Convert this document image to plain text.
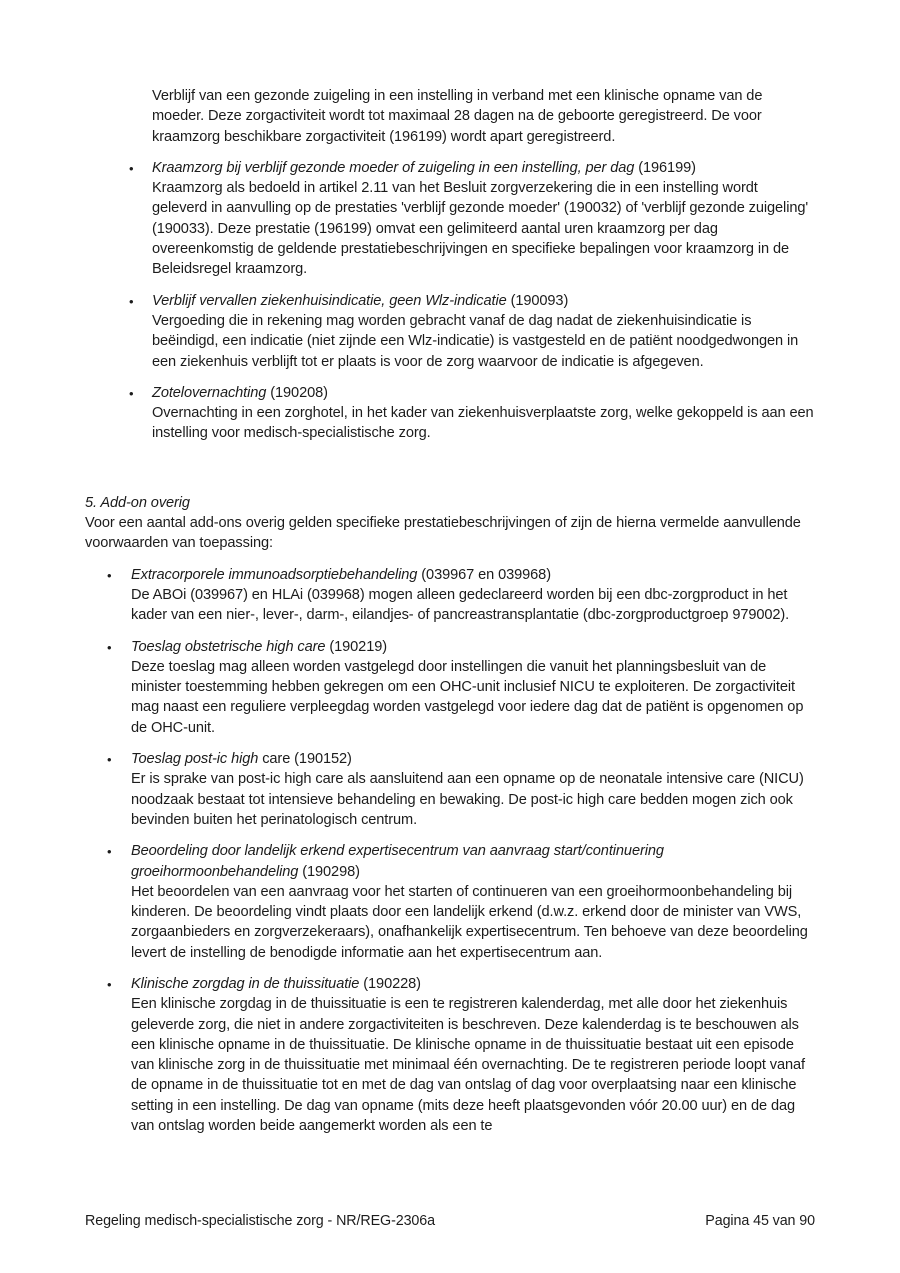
Verblijf van een gezonde zuigeling in een instelling in verband met een klinische opname van de moeder. Deze zorgactiviteit wordt tot maximaal 28 dagen na de geboorte geregistreerd. De voor kraamzorg beschikbare zorgactiviteit (196199) wordt apart geregistreerd.

• Kraamzorg bij verblijf gezonde moeder of zuigeling in een instelling, per dag (196199)
Kraamzorg als bedoeld in artikel 2.11 van het Besluit zorgverzekering die in een instelling wordt geleverd in aanvulling op de prestaties 'verblijf gezonde moeder' (190032) of 'verblijf gezonde zuigeling' (190033). Deze prestatie (196199) omvat een gelimiteerd aantal uren kraamzorg per dag overeenkomstig de geldende prestatiebeschrijvingen en specifieke bepalingen voor kraamzorg in de Beleidsregel kraamzorg.
• Verblijf vervallen ziekenhuisindicatie, geen Wlz-indicatie (190093)
Vergoeding die in rekening mag worden gebracht vanaf de dag nadat de ziekenhuisindicatie is beëindigd, een indicatie (niet zijnde een Wlz-indicatie) is vastgesteld en de patiënt noodgedwongen in een ziekenhuis verblijft tot er plaats is voor de zorg waarvoor de indicatie is afgegeven.
• Zotelovernachting (190208)
Overnachting in een zorghotel, in het kader van ziekenhuisverplaatste zorg, welke gekoppeld is aan een instelling voor medisch-specialistische zorg.
5. Add-on overig

Voor een aantal add-ons overig gelden specifieke prestatiebeschrijvingen of zijn de hierna vermelde aanvullende voorwaarden van toepassing:

• Extracorporele immunoadsorptiebehandeling (039967 en 039968)
De ABOi (039967) en HLAi (039968) mogen alleen gedeclareerd worden bij een dbc-zorgproduct in het kader van een nier-, lever-, darm-, eilandjes- of pancreastransplantatie (dbc-zorgproductgroep 979002).
• Toeslag obstetrische high care (190219)
Deze toeslag mag alleen worden vastgelegd door instellingen die vanuit het planningsbesluit van de minister toestemming hebben gekregen om een OHC-unit inclusief NICU te exploiteren. De zorgactiviteit mag naast een reguliere verpleegdag worden vastgelegd voor iedere dag dat de patiënt is opgenomen op de OHC-unit.
• Toeslag post-ic high care (190152)
Er is sprake van post-ic high care als aansluitend aan een opname op de neonatale intensive care (NICU) noodzaak bestaat tot intensieve behandeling en bewaking. De post-ic high care bedden mogen zich ook bevinden buiten het perinatologisch centrum.
• Beoordeling door landelijk erkend expertisecentrum van aanvraag start/continuering groeihormoonbehandeling (190298)
Het beoordelen van een aanvraag voor het starten of continueren van een groeihormoonbehandeling bij kinderen. De beoordeling vindt plaats door een landelijk erkend (d.w.z. erkend door de minister van VWS, zorgaanbieders en zorgverzekeraars), onafhankelijk expertisecentrum. Ten behoeve van deze beoordeling levert de instelling de benodigde informatie aan het expertisecentrum aan.
• Klinische zorgdag in de thuissituatie (190228)
Een klinische zorgdag in de thuissituatie is een te registreren kalenderdag, met alle door het ziekenhuis geleverde zorg, die niet in andere zorgactiviteiten is beschreven. Deze kalenderdag is te beschouwen als een klinische opname in de thuissituatie. De klinische opname in de thuissituatie bestaat uit een episode van klinische zorg in de thuissituatie met minimaal één overnachting. De te registreren periode loopt vanaf de opname in de thuissituatie tot en met de dag van ontslag of dag voor overplaatsing naar een klinische setting in een instelling. De dag van opname (mits deze heeft plaatsgevonden vóór 20.00 uur) en de dag van ontslag worden beide aangemerkt worden als een te
Regeling medisch-specialistische zorg - NR/REG-2306a	Pagina 45 van 90
